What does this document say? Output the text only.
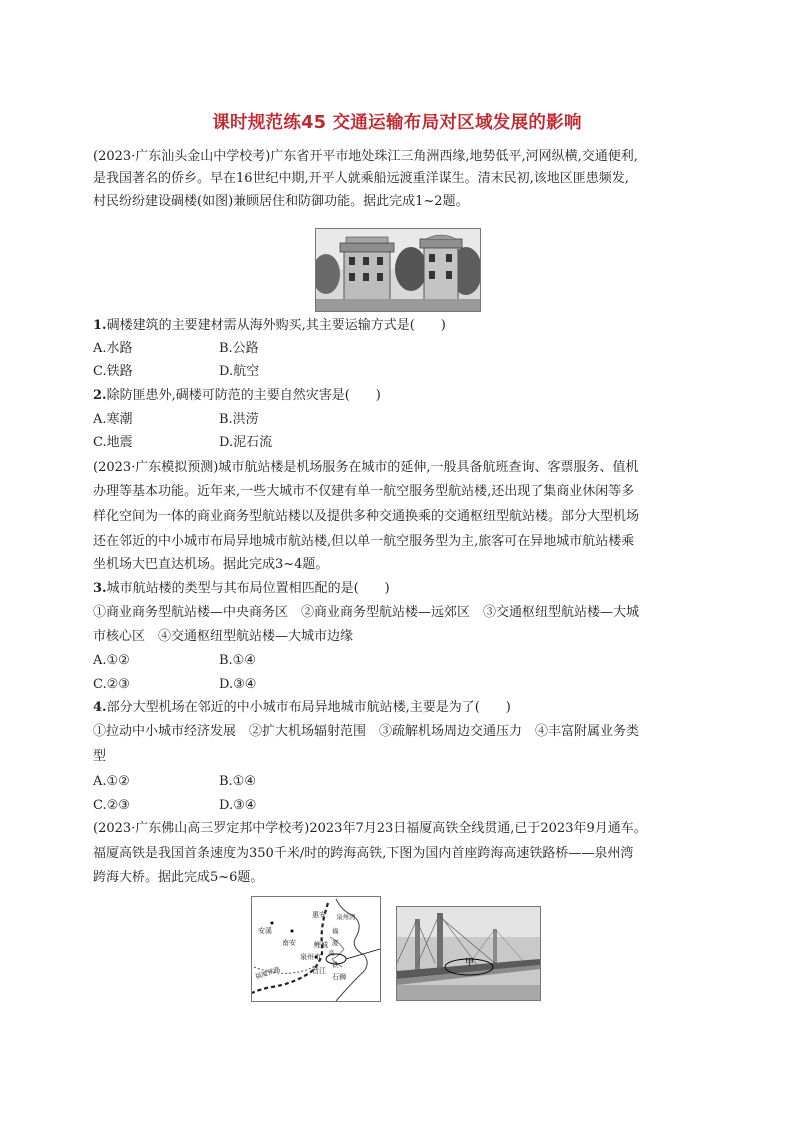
课时规范练45 交通运输布局对区域发展的影响
(2023·广东汕头金山中学校考)广东省开平市地处珠江三角洲西缘,地势低平,河网纵横,交通便利,
是我国著名的侨乡。早在16世纪中期,开平人就乘船远渡重洋谋生。清末民初,该地区匪患频发,
村民纷纷建设碉楼(如图)兼顾居住和防御功能。据此完成1~2题。
1.碉楼建筑的主要建材需从海外购买,其主要运输方式是(　　)
A.水路	B.公路
C.铁路	D.航空
2.除防匪患外,碉楼可防范的主要自然灾害是(　　)
A.寒潮	B.洪涝
C.地震	D.泥石流
(2023·广东模拟预测)城市航站楼是机场服务在城市的延伸,一般具备航班查询、客票服务、值机
办理等基本功能。近年来,一些大城市不仅建有单一航空服务型航站楼,还出现了集商业休闲等多
样化空间为一体的商业商务型航站楼以及提供多种交通换乘的交通枢纽型航站楼。部分大型机场
还在邻近的中小城市布局异地城市航站楼,但以单一航空服务型为主,旅客可在异地城市航站楼乘
坐机场大巴直达机场。据此完成3~4题。
3.城市航站楼的类型与其布局位置相匹配的是(　　)
①商业商务型航站楼—中央商务区　②商业商务型航站楼—远郊区　③交通枢纽型航站楼—大城
市核心区　④交通枢纽型航站楼—大城市边缘
A.①②	B.①④
C.②③	D.③④
4.部分大型机场在邻近的中小城市布局异地城市航站楼,主要是为了(　　)
①拉动中小城市经济发展　②扩大机场辐射范围　③疏解机场周边交通压力　④丰富附属业务类
型
A.①②	B.①④
C.②③	D.③④
(2023·广东佛山高三罗定邦中学校考)2023年7月23日福厦高铁全线贯通,已于2023年9月通车。
福厦高铁是我国首条速度为350千米/时的跨海高铁,下图为国内首座跨海高速铁路桥——泉州湾
跨海大桥。据此完成5~6题。
安溪
南安
惠安 泉州湾
福
厦
高
铁
晋江
石狮
泉州市
鲤城
福厦铁路
甲
